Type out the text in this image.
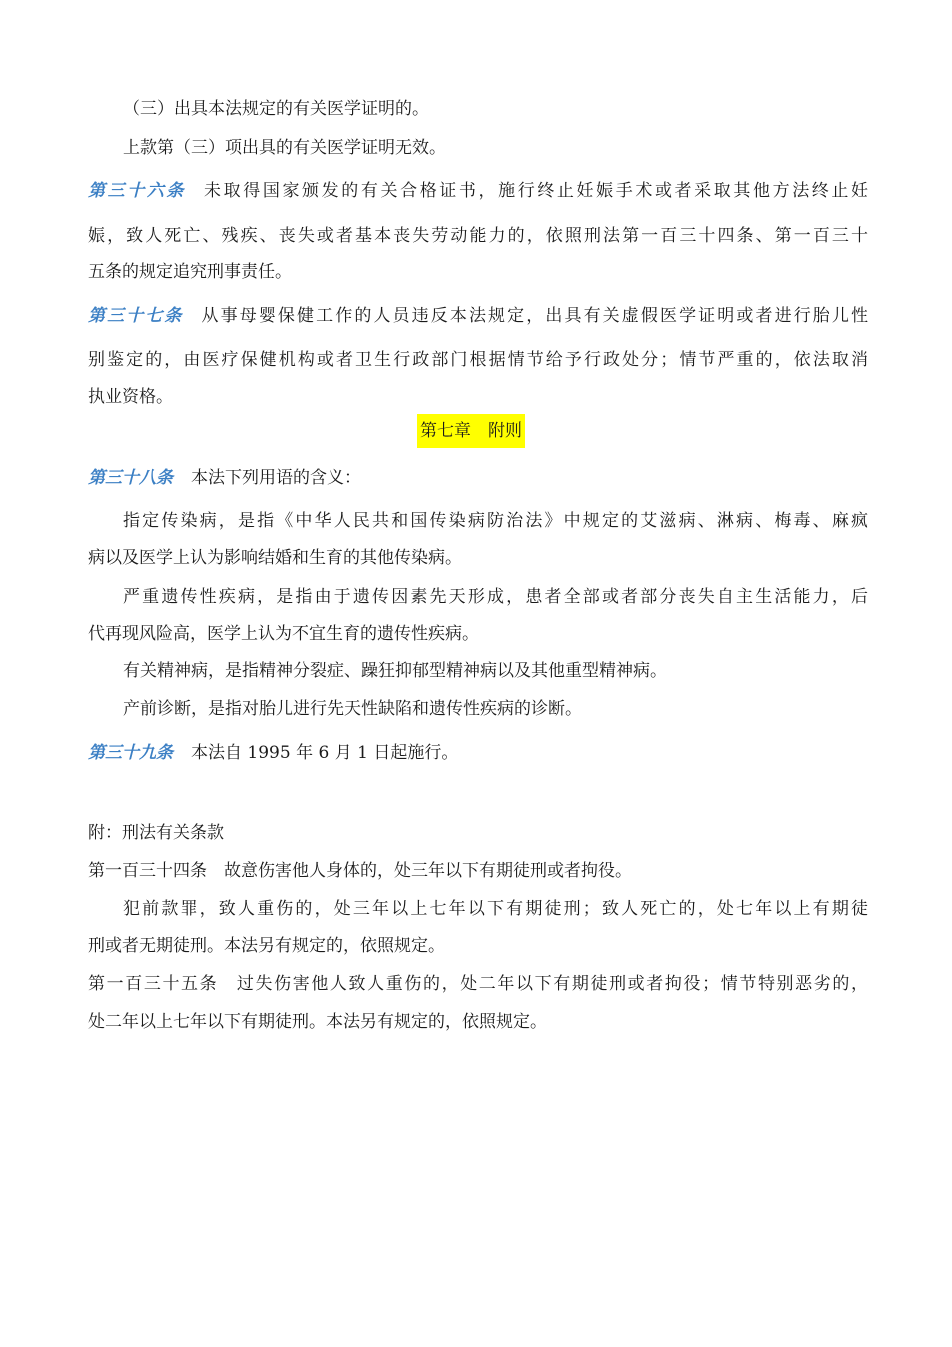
（三）出具本法规定的有关医学证明的。
上款第（三）项出具的有关医学证明无效。
第三十六条 未取得国家颁发的有关合格证书，施行终止妊娠手术或者采取其他方法终止妊
娠，致人死亡、残疾、丧失或者基本丧失劳动能力的，依照刑法第一百三十四条、第一百三十
五条的规定追究刑事责任。
第三十七条 从事母婴保健工作的人员违反本法规定，出具有关虚假医学证明或者进行胎儿性
别鉴定的，由医疗保健机构或者卫生行政部门根据情节给予行政处分；情节严重的，依法取消
执业资格。
第七章　附则
第三十八条 本法下列用语的含义：
指定传染病，是指《中华人民共和国传染病防治法》中规定的艾滋病、淋病、梅毒、麻疯
病以及医学上认为影响结婚和生育的其他传染病。
严重遗传性疾病，是指由于遗传因素先天形成，患者全部或者部分丧失自主生活能力，后
代再现风险高，医学上认为不宜生育的遗传性疾病。
有关精神病，是指精神分裂症、躁狂抑郁型精神病以及其他重型精神病。
产前诊断，是指对胎儿进行先天性缺陷和遗传性疾病的诊断。
第三十九条 本法自 1995 年 6 月 1 日起施行。
附：刑法有关条款
第一百三十四条　故意伤害他人身体的，处三年以下有期徒刑或者拘役。
犯前款罪，致人重伤的，处三年以上七年以下有期徒刑；致人死亡的，处七年以上有期徒
刑或者无期徒刑。本法另有规定的，依照规定。
第一百三十五条　过失伤害他人致人重伤的，处二年以下有期徒刑或者拘役；情节特别恶劣的，
处二年以上七年以下有期徒刑。本法另有规定的，依照规定。
